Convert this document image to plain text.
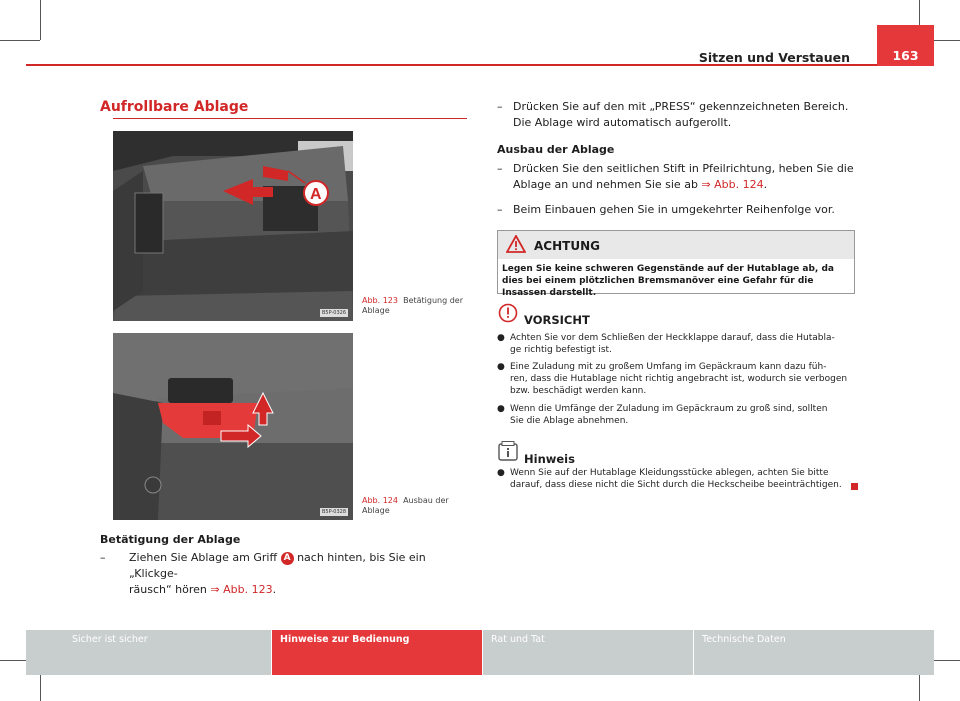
Sitzen und Verstauen	163
Aufrollbare Ablage
A
B5P-0326
Abb. 123 Betätigung der Ablage
B5P-0328
Abb. 124 Ausbau der Ablage
Betätigung der Ablage
– Ziehen Sie Ablage am Griff A nach hinten, bis Sie ein „Klickge-
räusch“ hören ⇒ Abb. 123.
– Drücken Sie auf den mit „PRESS“ gekennzeichneten Bereich.
Die Ablage wird automatisch aufgerollt.
Ausbau der Ablage
– Drücken Sie den seitlichen Stift in Pfeilrichtung, heben Sie die
Ablage an und nehmen Sie sie ab ⇒ Abb. 124.
– Beim Einbauen gehen Sie in umgekehrter Reihenfolge vor.
ACHTUNG
Legen Sie keine schweren Gegenstände auf der Hutablage ab, da dies bei einem plötzlichen Bremsmanöver eine Gefahr für die Insassen darstellt.
VORSICHT
● Achten Sie vor dem Schließen der Heckklappe darauf, dass die Hutabla-
ge richtig befestigt ist.
● Eine Zuladung mit zu großem Umfang im Gepäckraum kann dazu füh-
ren, dass die Hutablage nicht richtig angebracht ist, wodurch sie verbogen
bzw. beschädigt werden kann.
● Wenn die Umfänge der Zuladung im Gepäckraum zu groß sind, sollten
Sie die Ablage abnehmen.
Hinweis
● Wenn Sie auf der Hutablage Kleidungsstücke ablegen, achten Sie bitte
darauf, dass diese nicht die Sicht durch die Heckscheibe beeinträchtigen.
Sicher ist sicher	Hinweise zur Bedienung	Rat und Tat	Technische Daten
